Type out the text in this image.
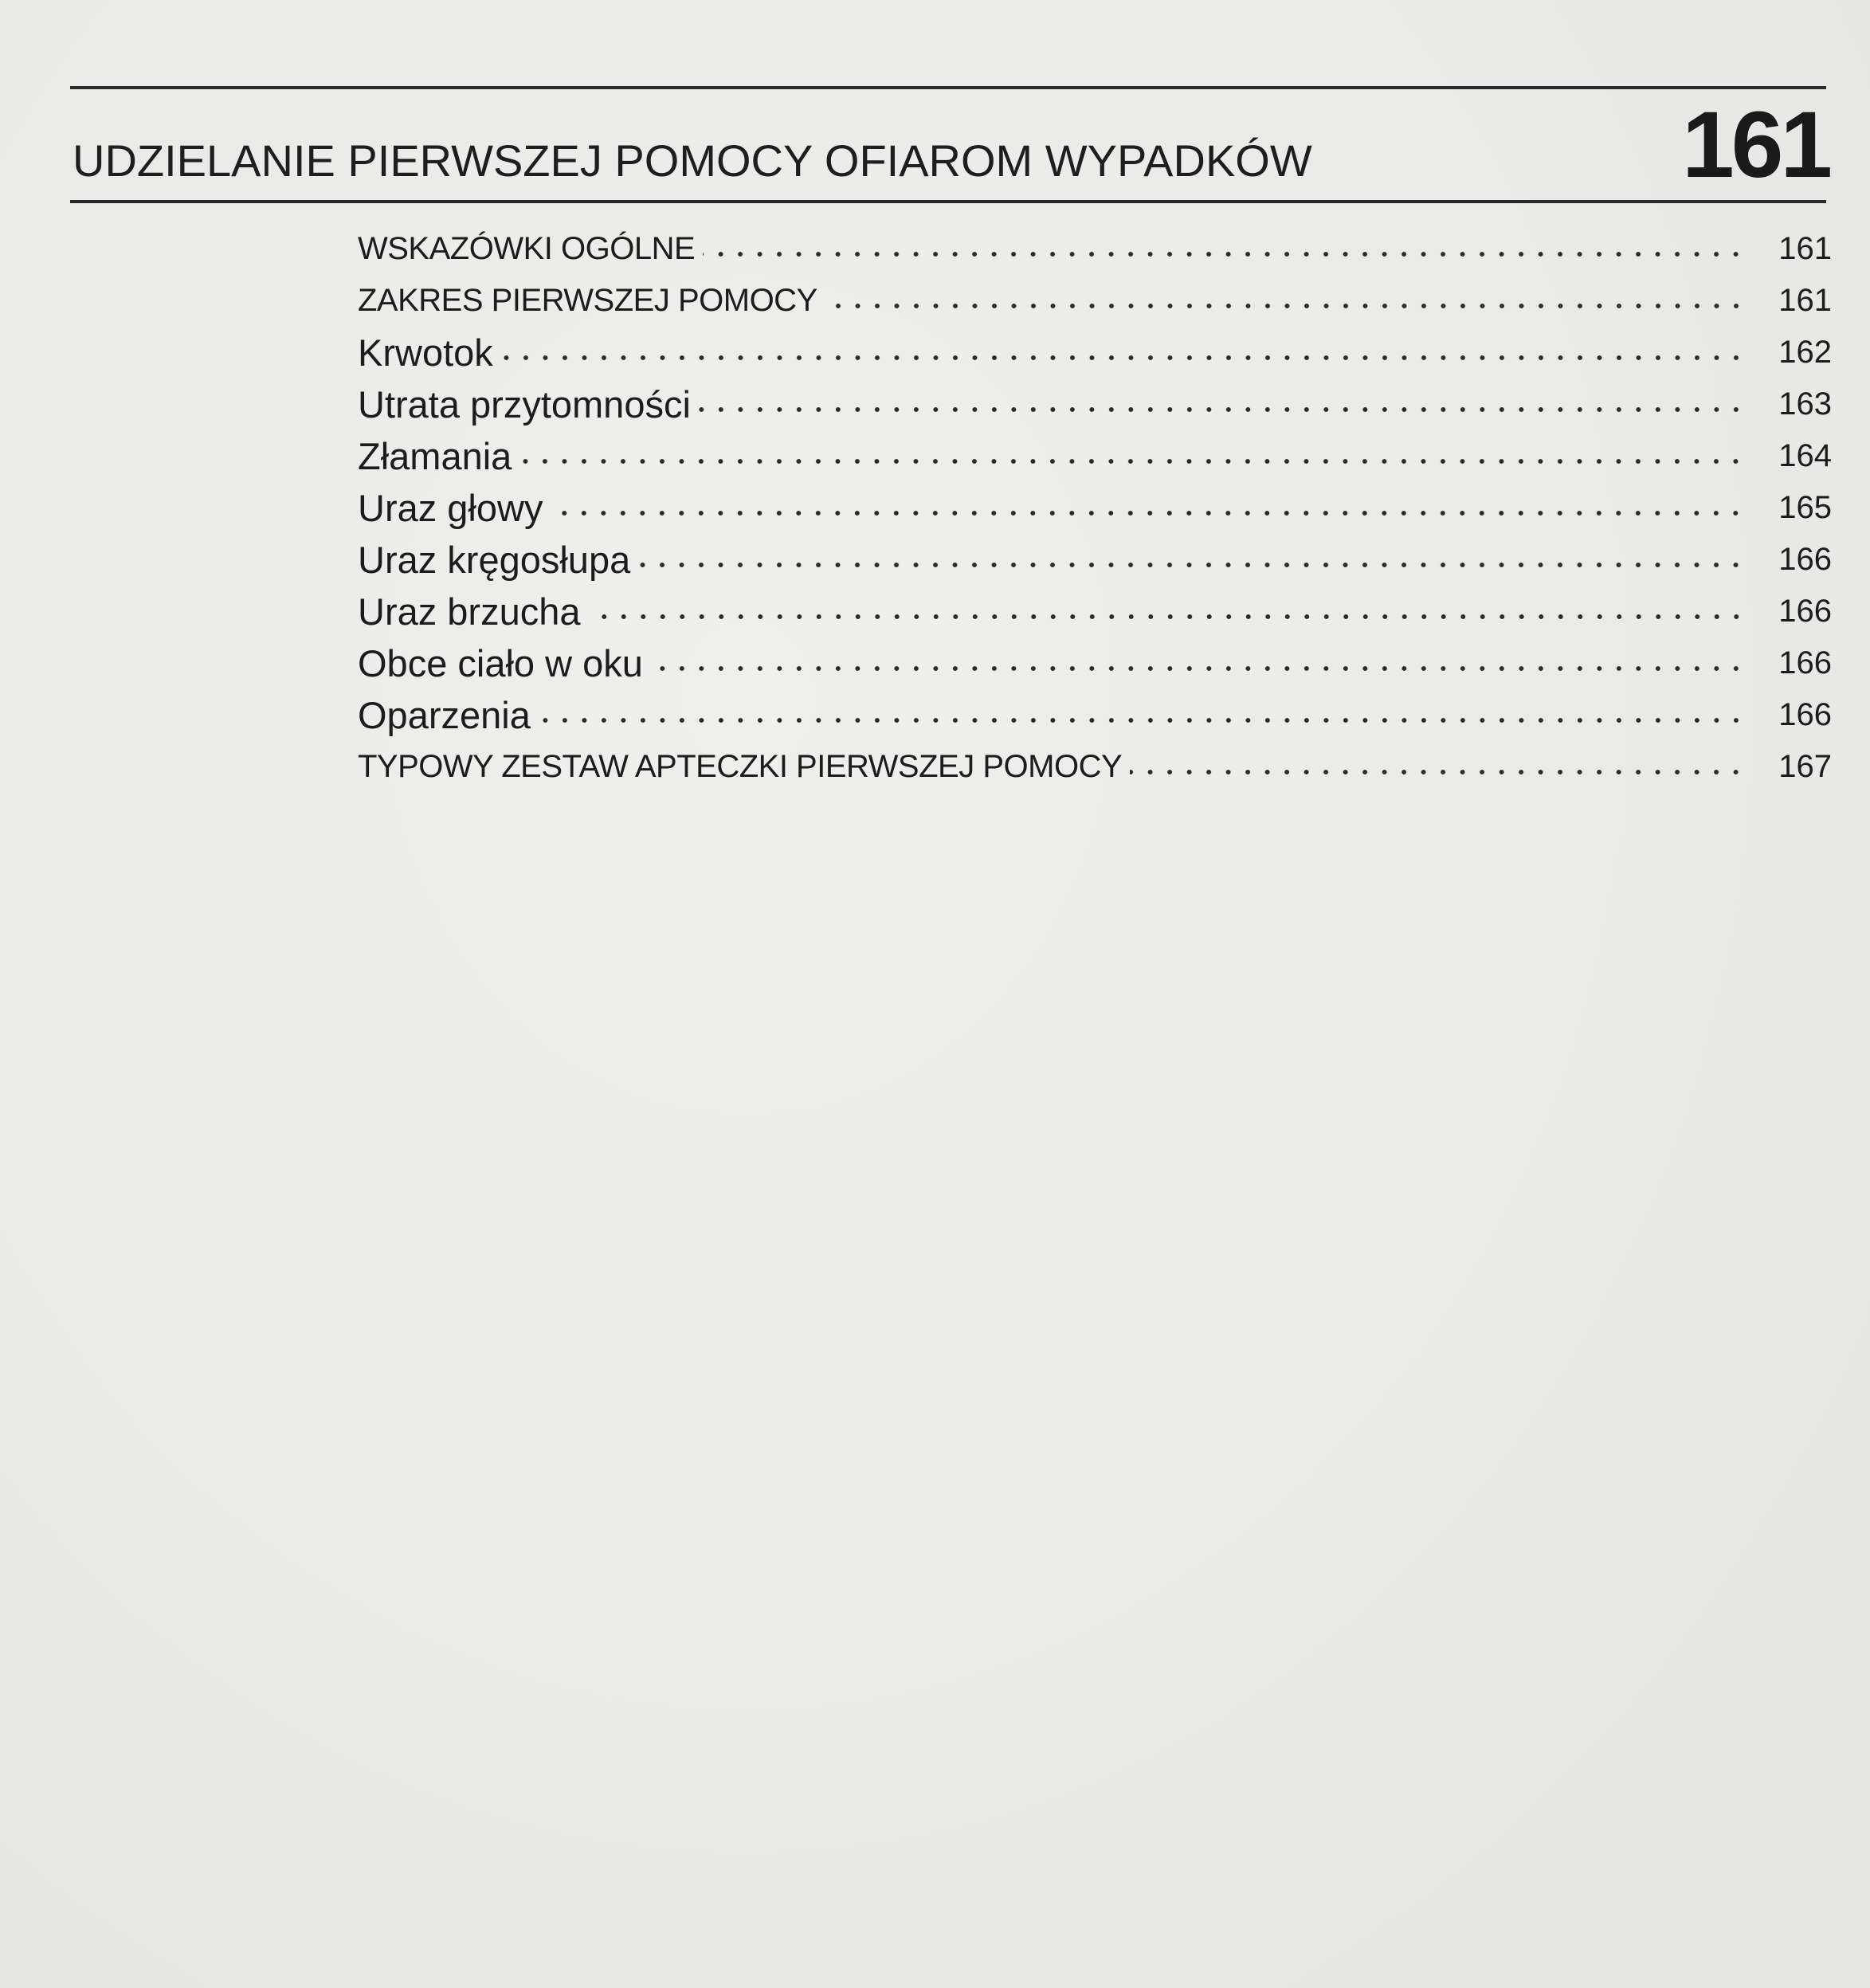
UDZIELANIE PIERWSZEJ POMOCY OFIAROM WYPADKÓW	161
WSKAZÓWKI OGÓLNE	161
ZAKRES PIERWSZEJ POMOCY	161
Krwotok	162
Utrata przytomności	163
Złamania	164
Uraz głowy	165
Uraz kręgosłupa	166
Uraz brzucha	166
Obce ciało w oku	166
Oparzenia	166
TYPOWY ZESTAW APTECZKI PIERWSZEJ POMOCY	167
